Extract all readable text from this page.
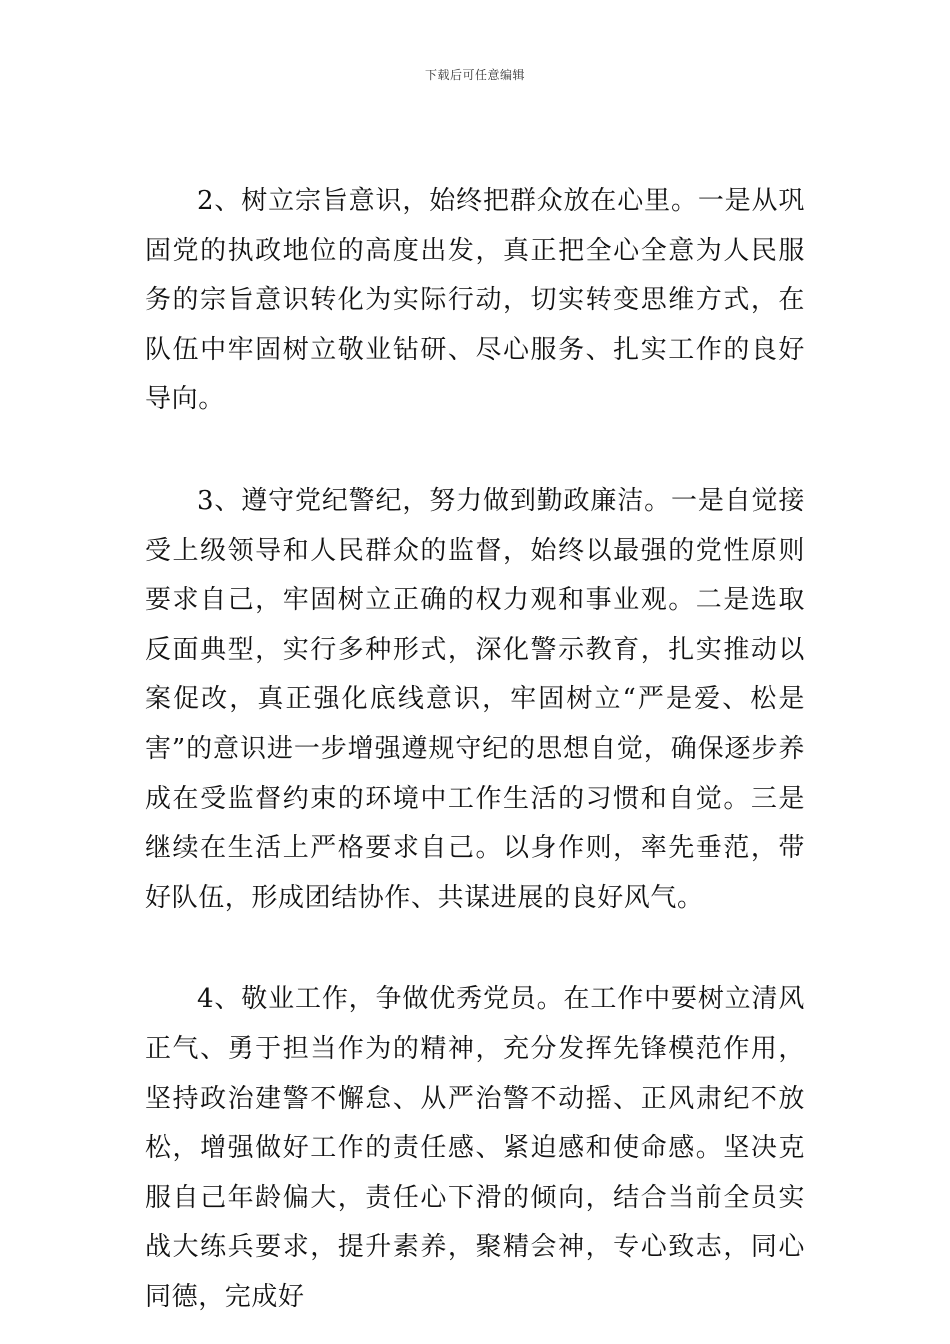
下载后可任意编辑

2、树立宗旨意识，始终把群众放在心里。一是从巩固党的执政地位的高度出发，真正把全心全意为人民服务的宗旨意识转化为实际行动，切实转变思维方式，在队伍中牢固树立敬业钻研、尽心服务、扎实工作的良好导向。

3、遵守党纪警纪，努力做到勤政廉洁。一是自觉接受上级领导和人民群众的监督，始终以最强的党性原则要求自己，牢固树立正确的权力观和事业观。二是选取反面典型，实行多种形式，深化警示教育，扎实推动以案促改，真正强化底线意识，牢固树立“严是爱、松是害”的意识进一步增强遵规守纪的思想自觉，确保逐步养成在受监督约束的环境中工作生活的习惯和自觉。三是继续在生活上严格要求自己。以身作则，率先垂范，带好队伍，形成团结协作、共谋进展的良好风气。

4、敬业工作，争做优秀党员。在工作中要树立清风正气、勇于担当作为的精神，充分发挥先锋模范作用，坚持政治建警不懈怠、从严治警不动摇、正风肃纪不放松，增强做好工作的责任感、紧迫感和使命感。坚决克服自己年龄偏大，责任心下滑的倾向，结合当前全员实战大练兵要求，提升素养，聚精会神，专心致志，同心同德，完成好
